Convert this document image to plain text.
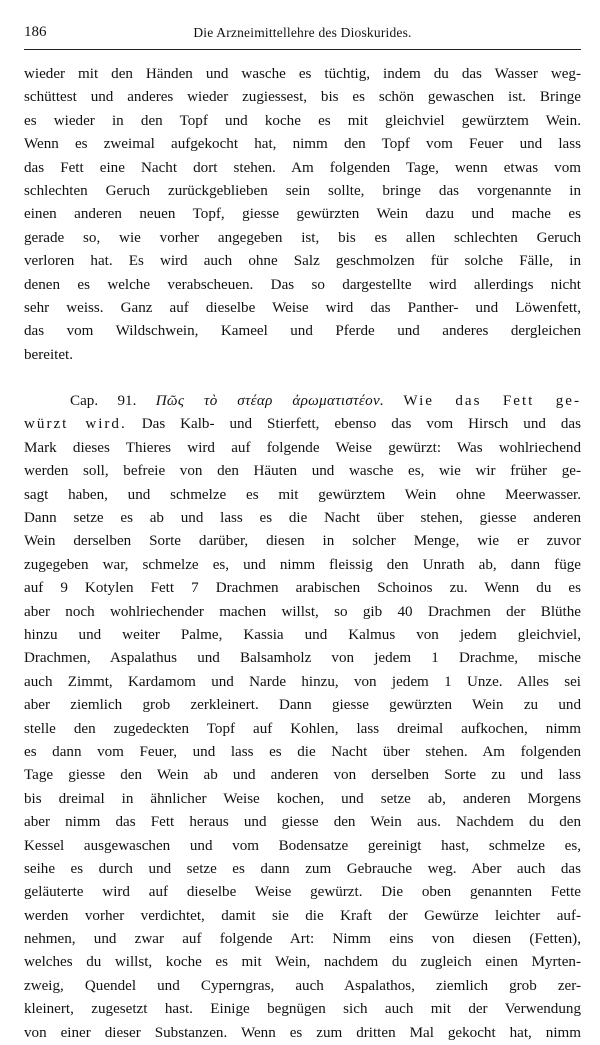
186	Die Arzneimittellehre des Dioskurides.
wieder mit den Händen und wasche es tüchtig, indem du das Wasser weg-
schüttest und anderes wieder zugiessest, bis es schön gewaschen ist. Bringe
es wieder in den Topf und koche es mit gleichviel gewürztem Wein.
Wenn es zweimal aufgekocht hat, nimm den Topf vom Feuer und lass
das Fett eine Nacht dort stehen. Am folgenden Tage, wenn etwas vom
schlechten Geruch zurückgeblieben sein sollte, bringe das vorgenannte in
einen anderen neuen Topf, giesse gewürzten Wein dazu und mache es
gerade so, wie vorher angegeben ist, bis es allen schlechten Geruch
verloren hat. Es wird auch ohne Salz geschmolzen für solche Fälle, in
denen es welche verabscheuen. Das so dargestellte wird allerdings nicht
sehr weiss. Ganz auf dieselbe Weise wird das Panther- und Löwenfett,
das vom Wildschwein, Kameel und Pferde und anderes dergleichen
bereitet.
Cap. 91. Πῶς τὸ στέαρ ἀρωματιστέον. Wie das Fett ge-
würzt wird. Das Kalb- und Stierfett, ebenso das vom Hirsch und das
Mark dieses Thieres wird auf folgende Weise gewürzt: Was wohlriechend
werden soll, befreie von den Häuten und wasche es, wie wir früher ge-
sagt haben, und schmelze es mit gewürztem Wein ohne Meerwasser.
Dann setze es ab und lass es die Nacht über stehen, giesse anderen
Wein derselben Sorte darüber, diesen in solcher Menge, wie er zuvor
zugegeben war, schmelze es, und nimm fleissig den Unrath ab, dann füge
auf 9 Kotylen Fett 7 Drachmen arabischen Schoinos zu. Wenn du es
aber noch wohlriechender machen willst, so gib 40 Drachmen der Blüthe
hinzu und weiter Palme, Kassia und Kalmus von jedem gleichviel,
Drachmen, Aspalathus und Balsamholz von jedem 1 Drachme, mische
auch Zimmt, Kardamom und Narde hinzu, von jedem 1 Unze. Alles sei
aber ziemlich grob zerkleinert. Dann giesse gewürzten Wein zu und
stelle den zugedeckten Topf auf Kohlen, lass dreimal aufkochen, nimm
es dann vom Feuer, und lass es die Nacht über stehen. Am folgenden
Tage giesse den Wein ab und anderen von derselben Sorte zu und lass
bis dreimal in ähnlicher Weise kochen, und setze ab, anderen Morgens
aber nimm das Fett heraus und giesse den Wein aus. Nachdem du den
Kessel ausgewaschen und vom Bodensatze gereinigt hast, schmelze es,
seihe es durch und setze es dann zum Gebrauche weg. Aber auch das
geläuterte wird auf dieselbe Weise gewürzt. Die oben genannten Fette
werden vorher verdichtet, damit sie die Kraft der Gewürze leichter auf-
nehmen, und zwar auf folgende Art: Nimm eins von diesen (Fetten),
welches du willst, koche es mit Wein, nachdem du zugleich einen Myrten-
zweig, Quendel und Cyperngras, auch Aspalathos, ziemlich grob zer-
kleinert, zugesetzt hast. Einige begnügen sich auch mit der Verwendung
von einer dieser Substanzen. Wenn es zum dritten Mal gekocht hat, nimm
